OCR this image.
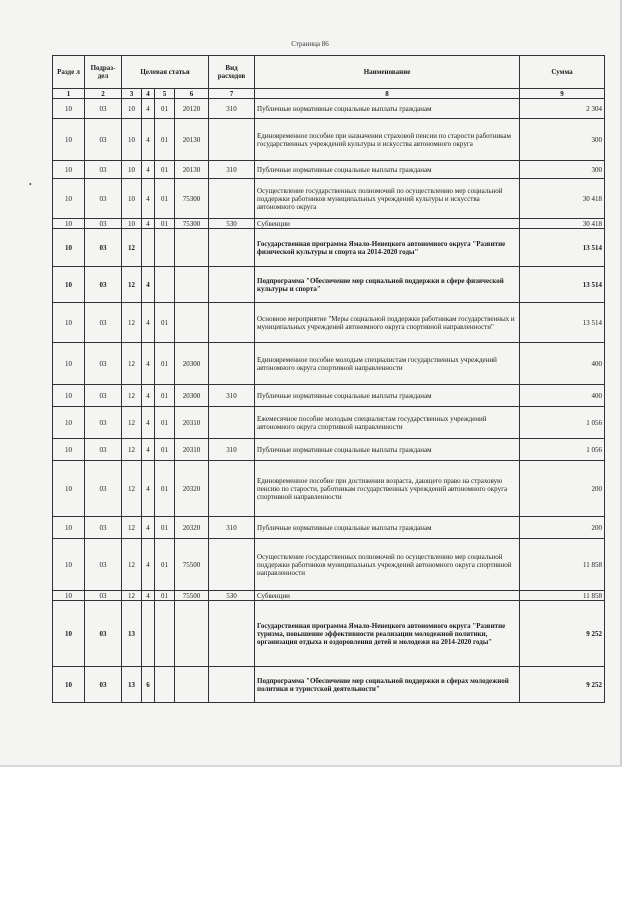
Страница 86
•
Разде л	Подраз- дел	Целевая статья				Вид расходов	Наименование	Сумма
1	2	3	4	5	6	7	8	9
10	03	10	4	01	20120	310	Публичные нормативные социальные выплаты гражданам	2 304
10	03	10	4	01	20130		Единовременное пособие при назначении страховой пенсии по старости работникам государственных учреждений культуры и искусства автономного округа	300
10	03	10	4	01	20130	310	Публичные нормативные социальные выплаты гражданам	300
10	03	10	4	01	75300		Осуществление государственных полномочий по осуществлению мер социальной поддержки работников муниципальных учреждений культуры и искусства автономного округа	30 418
10	03	10	4	01	75300	530	Субвенции	30 418
10	03	12					Государственная программа Ямало-Ненецкого автономного округа "Развитие физической культуры и спорта на 2014-2020 годы"	13 514
10	03	12	4				Подпрограмма "Обеспечение мер социальной поддержки в сфере физической культуры и спорта"	13 514
10	03	12	4	01			Основное мероприятие "Меры социальной поддержки работникам государственных и муниципальных учреждений автономного округа спортивной направленности"	13 514
10	03	12	4	01	20300		Единовременное пособие молодым специалистам государственных учреждений автономного округа спортивной направленности	400
10	03	12	4	01	20300	310	Публичные нормативные социальные выплаты гражданам	400
10	03	12	4	01	20310		Ежемесячное пособие молодым специалистам государственных учреждений автономного округа спортивной направленности	1 056
10	03	12	4	01	20310	310	Публичные нормативные социальные выплаты гражданам	1 056
10	03	12	4	01	20320		Единовременное пособие при достижении возраста, дающего право на страховую пенсию по старости, работникам государственных учреждений автономного округа спортивной направленности	200
10	03	12	4	01	20320	310	Публичные нормативные социальные выплаты гражданам	200
10	03	12	4	01	75500		Осуществление государственных полномочий по осуществлению мер социальной поддержки работников муниципальных учреждений автономного округа спортивной направленности	11 858
10	03	12	4	01	75500	530	Субвенции	11 858
10	03	13					Государственная программа Ямало-Ненецкого автономного округа "Развитие туризма, повышение эффективности реализации молодежной политики, организация отдыха и оздоровления детей и молодежи на 2014-2020 годы"	9 252
10	03	13	6				Подпрограмма "Обеспечение мер социальной поддержки в сферах молодежной политики и туристской деятельности"	9 252
